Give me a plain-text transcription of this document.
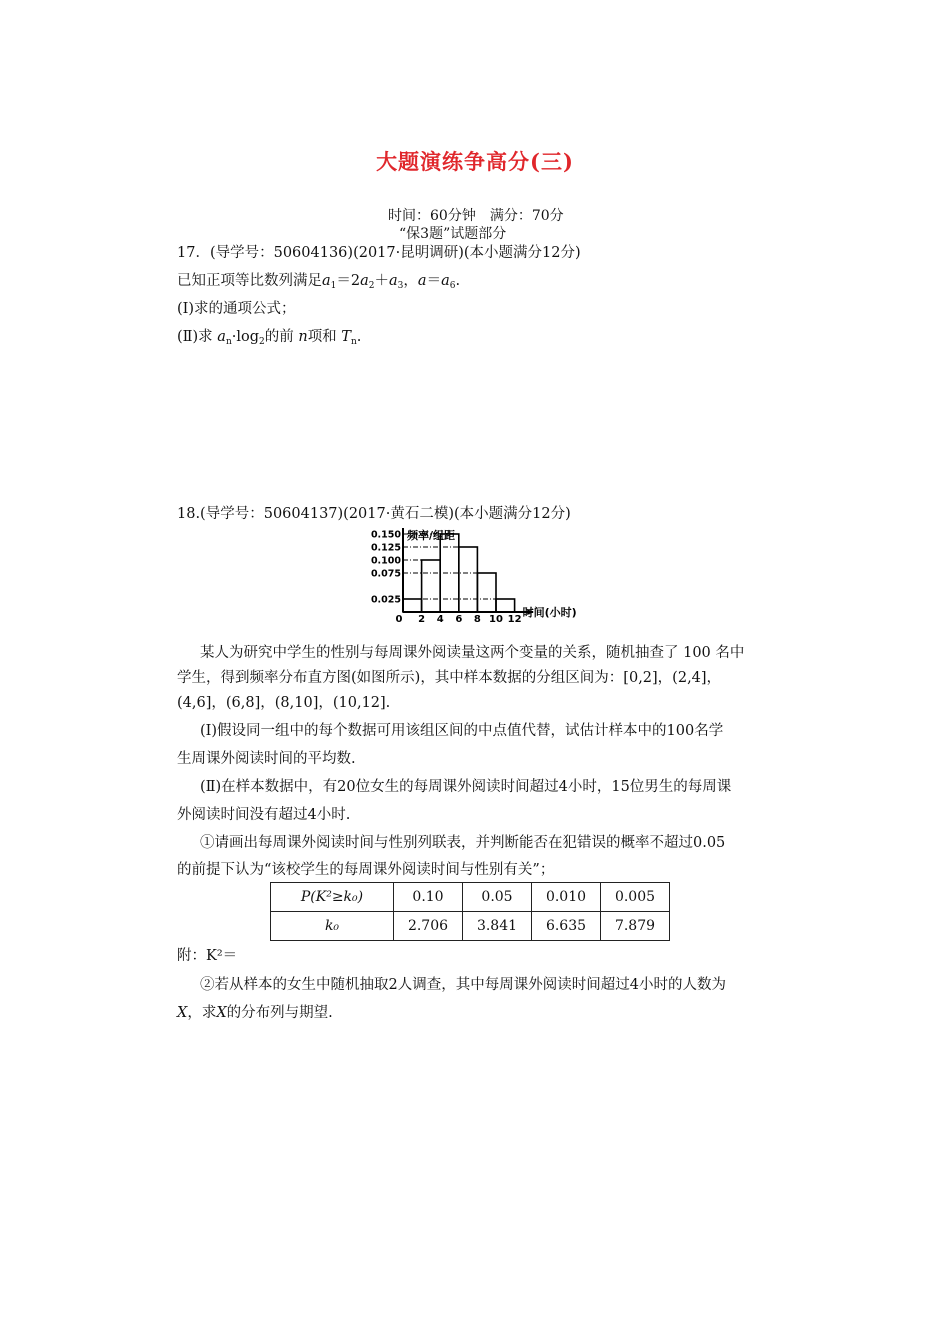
大题演练争高分(三)
时间：60分钟　满分：70分
“保3题”试题部分
17．(导学号：50604136)(2017·昆明调研)(本小题满分12分)
已知正项等比数列满足$a_1=2a_2+a_3$，$a=a_6$.
(Ⅰ)求的通项公式；
(Ⅱ)求 $a_n\cdot\log_2$的前 n项和 $T_n$.
18.(导学号：50604137)(2017·黄石二模)(本小题满分12分)
0.150
0.125
0.100
0.075
0.025
0 2 4 6 8 10 12
频率/组距
时间(小时)
某人为研究中学生的性别与每周课外阅读量这两个变量的关系，随机抽查了 100 名中
学生，得到频率分布直方图(如图所示)，其中样本数据的分组区间为：[0,2]，(2,4]，
(4,6]，(6,8]，(8,10]，(10,12].
(Ⅰ)假设同一组中的每个数据可用该组区间的中点值代替，试估计样本中的100名学
生周课外阅读时间的平均数.
(Ⅱ)在样本数据中，有20位女生的每周课外阅读时间超过4小时，15位男生的每周课
外阅读时间没有超过4小时.
①请画出每周课外阅读时间与性别列联表，并判断能否在犯错误的概率不超过0.05
的前提下认为“该校学生的每周课外阅读时间与性别有关”；
P(K²≥k₀)	0.10	0.05	0.010	0.005
k₀	2.706	3.841	6.635	7.879
附：K²＝
②若从样本的女生中随机抽取2人调查，其中每周课外阅读时间超过4小时的人数为
X，求X的分布列与期望.
